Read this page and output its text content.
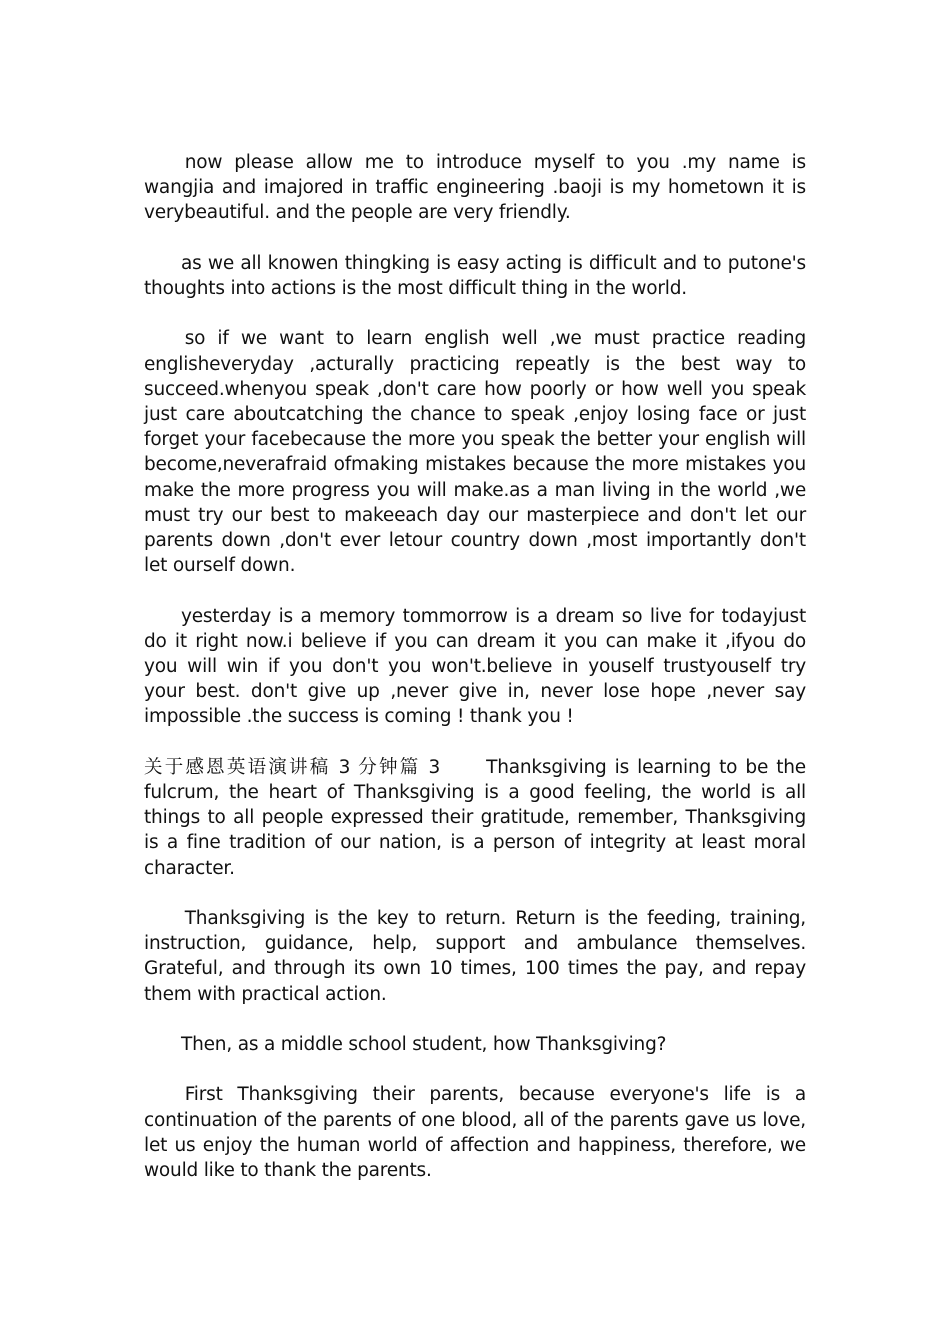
now please allow me to introduce myself to you .my name is wangjia and imajored in traffic engineering .baoji is my hometown it is verybeautiful. and the people are very friendly.

as we all knowen thingking is easy acting is difficult and to putone's thoughts into actions is the most difficult thing in the world.

so if we want to learn english well ,we must practice reading englisheveryday ,acturally practicing repeatly is the best way to succeed.whenyou speak ,don't care how poorly or how well you speak just care aboutcatching the chance to speak ,enjoy losing face or just forget your facebecause the more you speak the better your english will become,neverafraid ofmaking mistakes because the more mistakes you make the more progress you will make.as a man living in the world ,we must try our best to makeeach day our masterpiece and don't let our parents down ,don't ever letour country down ,most importantly don't let ourself down.

yesterday is a memory tommorrow is a dream so live for todayjust do it right now.i believe if you can dream it you can make it ,ifyou do you will win if you don't you won't.believe in youself trustyouself try your best. don't give up ,never give in, never lose hope ,never say impossible .the success is coming ! thank you !

关于感恩英语演讲稿 3 分钟篇 3 Thanksgiving is learning to be the fulcrum, the heart of Thanksgiving is a good feeling, the world is all things to all people expressed their gratitude, remember, Thanksgiving is a fine tradition of our nation, is a person of integrity at least moral character.

Thanksgiving is the key to return. Return is the feeding, training, instruction, guidance, help, support and ambulance themselves. Grateful, and through its own 10 times, 100 times the pay, and repay them with practical action.

Then, as a middle school student, how Thanksgiving?

First Thanksgiving their parents, because everyone's life is a continuation of the parents of one blood, all of the parents gave us love, let us enjoy the human world of affection and happiness, therefore, we would like to thank the parents.
